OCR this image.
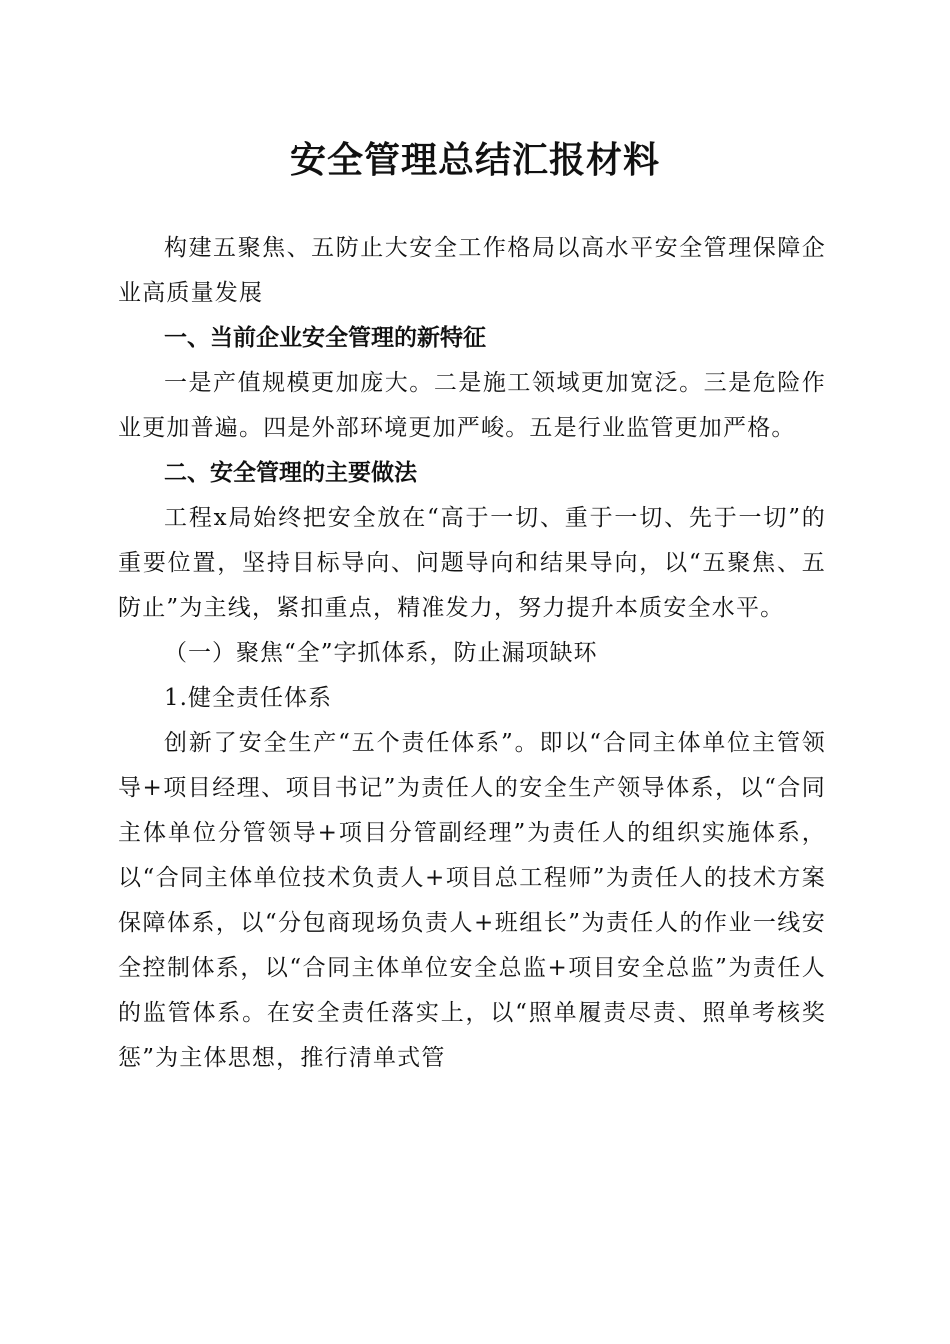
安全管理总结汇报材料

构建五聚焦、五防止大安全工作格局以高水平安全管理保障企业高质量发展

一、当前企业安全管理的新特征

一是产值规模更加庞大。二是施工领域更加宽泛。三是危险作业更加普遍。四是外部环境更加严峻。五是行业监管更加严格。

二、安全管理的主要做法

工程x局始终把安全放在“高于一切、重于一切、先于一切”的重要位置，坚持目标导向、问题导向和结果导向，以“五聚焦、五防止”为主线，紧扣重点，精准发力，努力提升本质安全水平。

（一）聚焦“全”字抓体系，防止漏项缺环

1.健全责任体系

创新了安全生产“五个责任体系”。即以“合同主体单位主管领导+项目经理、项目书记”为责任人的安全生产领导体系，以“合同主体单位分管领导+项目分管副经理”为责任人的组织实施体系，以“合同主体单位技术负责人+项目总工程师”为责任人的技术方案保障体系，以“分包商现场负责人+班组长”为责任人的作业一线安全控制体系，以“合同主体单位安全总监+项目安全总监”为责任人的监管体系。在安全责任落实上，以“照单履责尽责、照单考核奖惩”为主体思想，推行清单式管
